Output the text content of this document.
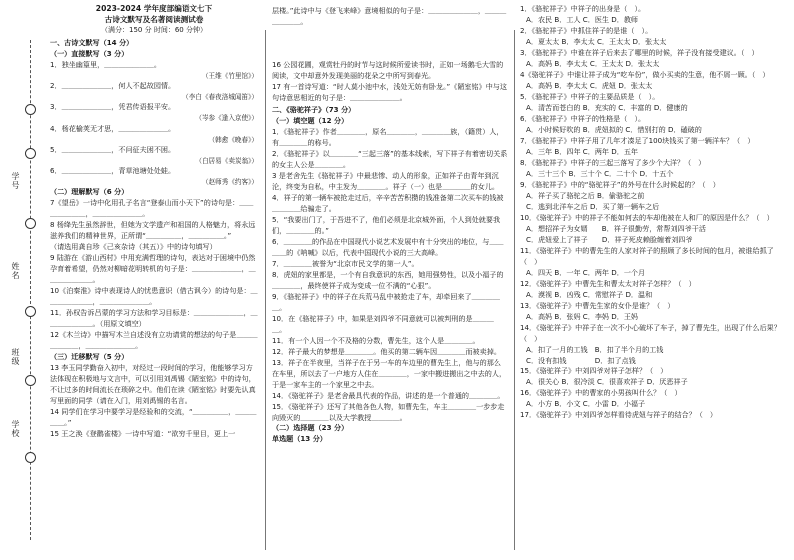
学号
姓名
班级
学校
2023-2024 学年度部编语文七下
古诗文默写及名著阅读测试卷
（满分：150 分 时间：60 分钟）
一、古诗文默写（14 分）
（一）直接默写（3 分）
1．独坐幽篁里，＿＿＿＿＿＿＿。
（王维《竹里馆》）
2．＿＿＿＿＿＿＿，何人不起故园情。
（李白《春夜洛城闻笛》）
3．＿＿＿＿＿＿＿，凭君传语报平安。
（岑参《逢入京使》）
4．杨花榆荚无才思，＿＿＿＿＿＿＿。
（韩愈《晚春》）
5．＿＿＿＿＿＿＿，不问征夫困不困。
（白居易《卖炭翁》）
6．＿＿＿＿＿＿＿，青草池塘处处蛙。
（赵师秀《约客》）
（二）理解默写（6 分）
7《望岳》一诗中化用孔子名言“登泰山而小天下”的诗句是：＿＿＿＿＿＿＿，＿＿＿＿＿＿＿。
8 杨绛先生虽然辞世，但她为文学遗产和祖国的人格魅力，将永远滋养我们的精神世界，正所谓“＿＿＿＿＿，＿＿＿＿＿。”
（请选用龚自珍《己亥杂诗（其五）》中的诗句填写）
9 陆游在《游山西村》中用充满哲理的诗句，表达对于困境中仍然孕育着希望，仍然对柳暗花明转机的句子是：＿＿＿＿＿＿＿，＿＿＿＿＿＿＿。
10《泊秦淮》诗中表现诗人的忧患意识（借古讽今）的诗句是：＿＿＿＿＿＿＿，＿＿＿＿＿＿＿。
11．孙权告诉吕蒙的学习方法和学习目标是：＿＿＿＿＿＿＿，＿＿＿＿＿＿＿。（用原文填空）
12《木兰诗》中描写木兰自述没有立功请赏的想法的句子是＿＿＿＿＿＿＿，＿＿＿＿＿＿＿。
（三）迁移默写（5 分）
13 李玉同学勤奋入初中，对经过一段时间的学习，他能够学习方法体现在积极地与文言中，可以引用刘禹锡《陋室铭》中的诗句，不让过多的时间流长在琐碎之中。他们在读《陋室铭》时要先认真写里面的同学（请在入门，用刘禹锡的名言。
14 同学们在学习中要学习是经验和的交流，“＿＿＿＿＿，＿＿＿＿＿。”
15 王之涣《登鹳雀楼》一诗中写道：“欲穷千里目，更上一
层楼。”此诗中与《登飞来峰》意境相似的句子是：＿＿＿＿＿＿＿，＿＿＿＿＿＿＿。
16 公园花圃，观赏牡丹的时节与这时候所爱读书时，正如一场鹅毛大雪的阅读，文中却意外发现美丽的花朵之中所写到春光。
17 有一首诗写道：“时人莫小池中水，浅处无妨有卧龙。”《陋室铭》中与这句诗意思相近的句子是：＿＿＿＿＿＿＿。
二、《骆驼祥子》（73 分）
（一）填空题（12 分）
1．《骆驼祥子》作者＿＿＿＿，原名＿＿＿＿，＿＿＿＿族，（籍贯）人，有＿＿＿＿的称号。
2．《骆驼祥子》以＿＿＿＿“三起三落”的基本线索，写下祥子有着密切关系的女主人公是＿＿＿＿。
3 是老舍先生《骆驼祥子》中最悲惨、动人的形象，正如祥子由青年到沉沦，终变为自私，中主发为＿＿＿＿。祥子（一）也是＿＿＿＿的女儿。
4．祥子的第一辆车被抢走过后，辛辛苦苦积攒的钱准备第二次买车的钱被＿＿＿＿给骗走了。
5．“我要出门了，于吾进不了，他们必须是北京城外面，个人到处就要我们，＿＿＿＿的。”
6．＿＿＿＿的作品在中国现代小说艺术发展中有十分突出的地位，与＿＿＿＿的《呐喊》以后，代表中国现代小说的三大高峰。
7．＿＿＿＿被誉为“北京市民文学的第一人”。
8．虎妞的家里都是，一个有自我意识的东西，她用强势性，以及小福子的＿＿＿＿，最终使祥子成为变成一位不满的“心狠”。
9．《骆驼祥子》中的祥子在兵荒马乱中被抢走了车，却牵回来了＿＿＿＿＿。
10．在《骆驼祥子》中，如果是刘四爷不同意就可以被判刑的是＿＿＿＿。
11．有一个人因一个不及格的分数，曹先生，这个人是＿＿＿＿。
12．祥子最大的梦想是＿＿＿＿。他买的第二辆车因＿＿＿＿而被卖掉。
13．祥子在半夜里，当祥子在于另一车的车边里的曹先生上，他与的那么在车里，所以去了一户地方人住在＿＿＿＿，一家中搬进搬出之中去的人，于是一家车主的一个家里之中去。
14．《骆驼祥子》是老舍最具代表的作品，讲述的是一个普通的＿＿＿＿。
15．《骆驼祥子》还写了其他各色人物，如曹先生，车主＿＿＿＿一步步走向毁灭的＿＿＿＿以及大学教授＿＿＿＿。
（二）选择题（23 分）
单选题（13 分）
1．《骆驼祥子》中祥子的出身是（　）。
A．农民 B．工人 C．医生 D．教师
2．《骆驼祥子》中抓住祥子的是谁（　）。
A．夏太太 B．李太太 C．王太太 D．张太太
3．《骆驼祥子》中谁在祥子后来去了哪里的时候，祥子没有接受建议。（　）
A．高妈 B．李太太 C．王太太 D．张太太
4《骆驼祥子》中谁让祥子成为“吃车份”，做小买卖的生意，他不屑一顾。（　）
A．高妈 B．李太太 C．虎妞 D．张太太
5．《骆驼祥子》中祥子的主要品质是（　）。
A．清苦而苍白的 B．充实的 C．丰富的 D．健康的
6．《骆驼祥子》中祥子的性格是（　）。
A．小时候好吹的 B．虎妞拟的 C．惜别打的 D．磕破的
7．《骆驼祥子》中祥子用了几年才凑足了100块钱买了第一辆洋车？（　）
A．三年 B．四年 C．两年 D．五年
8．《骆驼祥子》中祥子的三起三落写了多少个大洋？（　）
A．三十三个 B．三十个 C．二十个 D．十五个
9．《骆驼祥子》中的“骆驼祥子”的外号在什么时候起的？（　）
A．祥子买了骆驼之后 B．偷骆驼之前
C．逃到北洋车之后 D．买了第一辆车之后
10．《骆驼祥子》中的祥子不能如何去的车却他被在人和厂的原因是什么？（　）
A．想招祥子为女婿　　B．祥子很勤劳，常帮刘四爷干活
C．虎妞爱上了祥子　　D．祥子死皮赖脸缠着刘四爷
11．《骆驼祥子》中的曹先生的人家对祥子的照顾了多长时间的包月，被谁给抓了（　）
A．四天 B．一年 C．两年 D．一个月
12．《骆驼祥子》中曹先生和曹太太对祥子怎样？（　）
A．漠视 B．凶残 C．常慰祥子 D．温和
13．《骆驼祥子》中曹先生家的女仆是谁？（　）
A．高妈 B．张妈 C．李妈 D．王妈
14．《骆驼祥子》中祥子在一次不小心破坏了车子，掉了曹先生，出现了什么后果？（　）
A．扣了一月的工钱　B．扣了半个月的工钱
C．没有扣钱　　　　D．扣了点钱
15．《骆驼祥子》中刘四爷对祥子怎样？（　）
A．很关心 B．很冷淡 C．很喜欢祥子 D．厌恶祥子
16．《骆驼祥子》中的曹家的小男孩叫什么？（　）
A．小方 B．小文 C．小雷 D．小福子
17．《骆驼祥子》中刘四爷怎样看待虎妞与祥子的结合？（　）
